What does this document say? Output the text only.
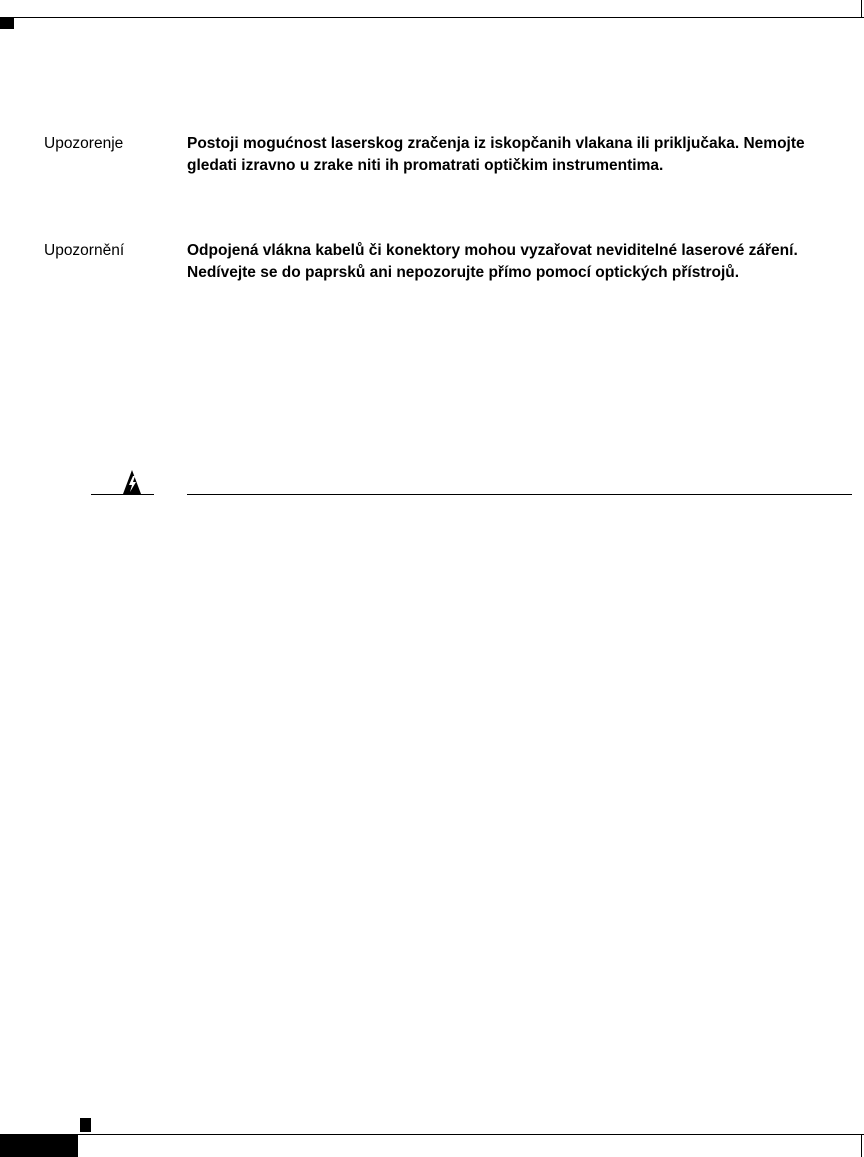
Upozorenje	Postoji mogućnost laserskog zračenja iz iskopčanih vlakana ili priključaka. Nemojte gledati izravno u zrake niti ih promatrati optičkim instrumentima.

Upozornění	Odpojená vlákna kabelů či konektory mohou vyzařovat neviditelné laserové záření. Nedívejte se do paprsků ani nepozorujte přímo pomocí optických přístrojů.
